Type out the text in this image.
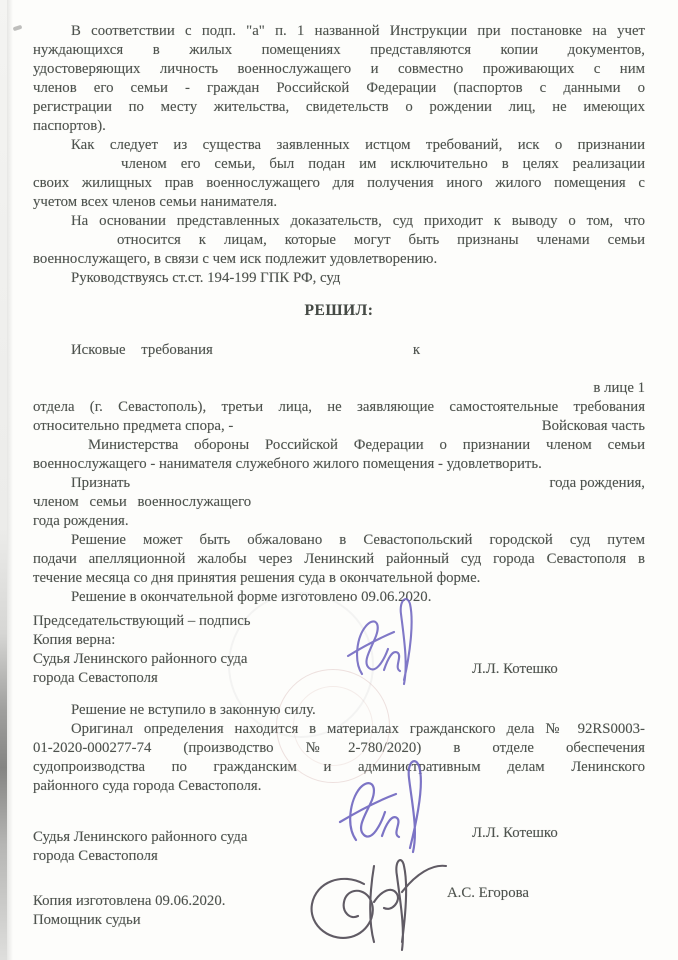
В соответствии с подп. "а" п. 1 названной Инструкции при постановке на учет
нуждающихся в жилых помещениях представляются копии документов,
удостоверяющих личность военнослужащего и совместно проживающих с ним
членов его семьи - граждан Российской Федерации (паспортов с данными о
регистрации по месту жительства, свидетельств о рождении лиц, не имеющих
паспортов).
Как следует из существа заявленных истцом требований, иск о признании
членом его семьи, был подан им исключительно в целях реализации
своих жилищных прав военнослужащего для получения иного жилого помещения с
учетом всех членов семьи нанимателя.
На основании представленных доказательств, суд приходит к выводу о том, что
относится к лицам, которые могут быть признаны членами семьи
военнослужащего, в связи с чем иск подлежит удовлетворению.
Руководствуясь ст.ст. 194-199 ГПК РФ, суд
РЕШИЛ:
Исковые требования	к
в лице 1
отдела (г. Севастополь), третьи лица, не заявляющие самостоятельные требования
относительно предмета спора, -	Войсковая часть
Министерства обороны Российской Федерации о признании членом семьи
военнослужащего - нанимателя служебного жилого помещения - удовлетворить.
Признать	года рождения,
членом семьи военнослужащего
года рождения.
Решение может быть обжаловано в Севастопольский городской суд путем
подачи апелляционной жалобы через Ленинский районный суд города Севастополя в
течение месяца со дня принятия решения суда в окончательной форме.
Решение в окончательной форме изготовлено 09.06.2020.
Председательствующий – подпись
Копия верна:
Судья Ленинского районного суда
города Севастополя
Решение не вступило в законную силу.
Оригинал определения находится в материалах гражданского дела № 92RS0003-
01-2020-000277-74 (производство №2-780/2020) в отделе обеспечения
судопроизводства по гражданским и административным делам Ленинского
районного суда города Севастополя.
Судья Ленинского районного суда
города Севастополя
Копия изготовлена 09.06.2020.
Помощник судьи
Л.Л. Котешко
Л.Л. Котешко
А.С. Егорова
